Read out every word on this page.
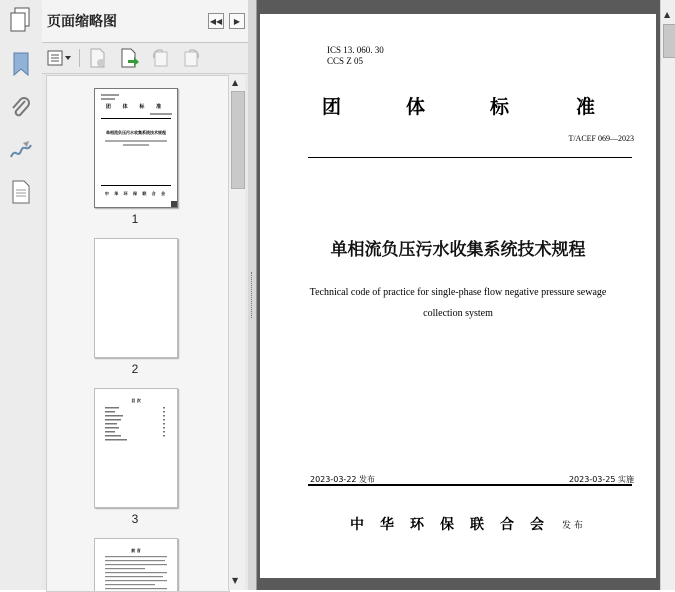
页面缩略图	◀◀ ▶
团 体 标 准
单相流负压污水收集系统技术规程
中 华 环 保 联 合 会
1
2
目 次
3
前 言
▲
▼
ICS 13. 060. 30
CCS Z 05
团	体	标	准
T/ACEF 069—2023
单相流负压污水收集系统技术规程
Technical code of practice for single-phase flow negative pressure sewage
collection system
2023-03-22 发布	2023-03-25 实施
中 华 环 保 联 合 会 发 布
▲
